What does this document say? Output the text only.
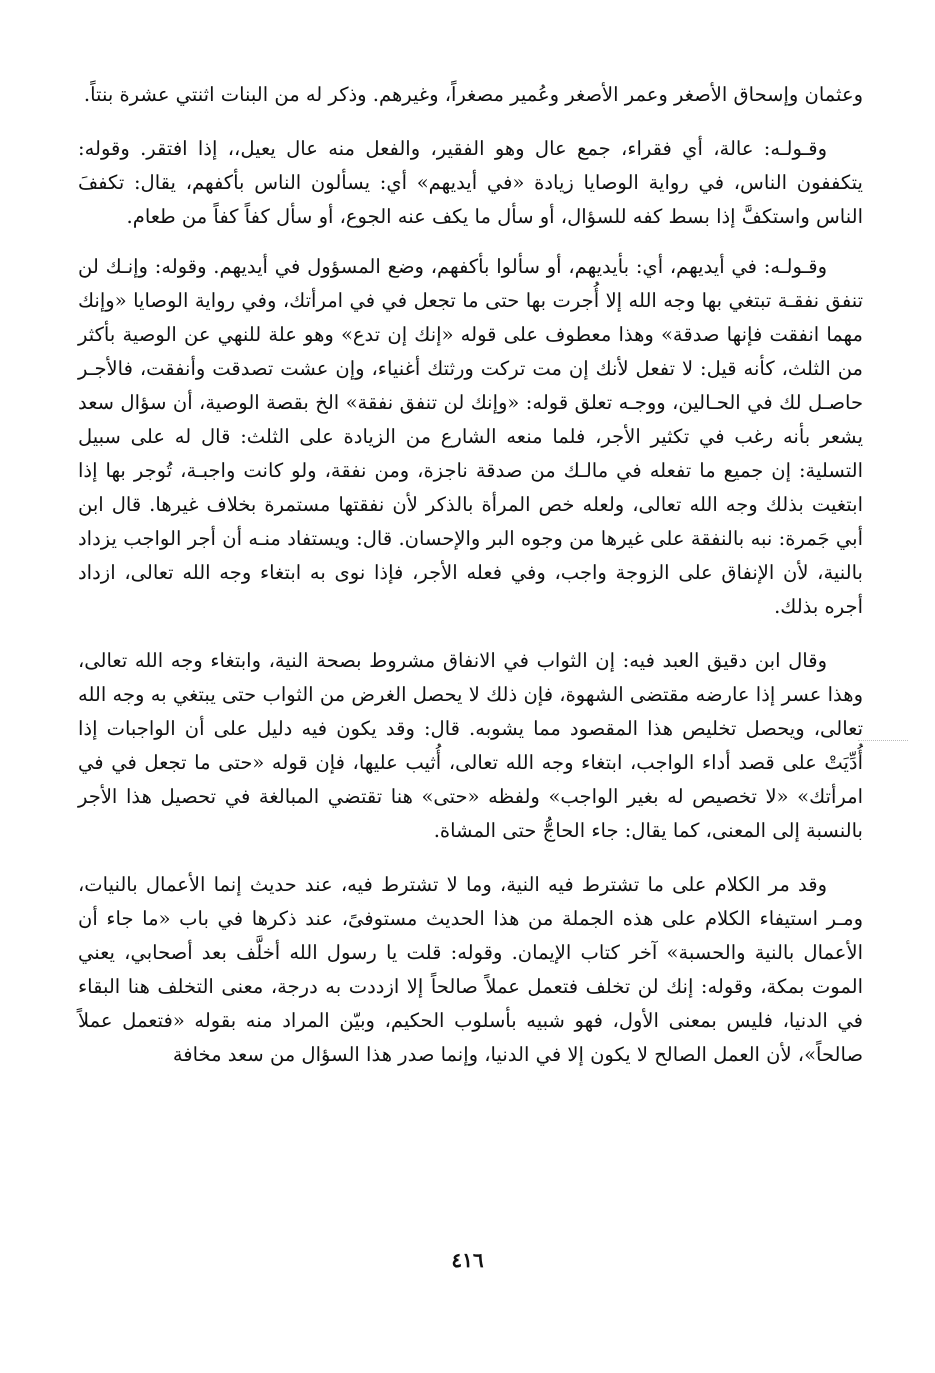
وعثمان وإسحاق الأصغر وعمر الأصغر وعُمير مصغراً، وغيرهم. وذكر له من البنات اثنتي عشرة بنتاً.

وقـولـه: عالة، أي فقراء، جمع عال وهو الفقير، والفعل منه عال يعيل،، إذا افتقر. وقوله: يتكففون الناس، في رواية الوصايا زيادة «في أيديهم» أي: يسألون الناس بأكفهم، يقال: تكففَ الناس واستكفَّ إذا بسط كفه للسؤال، أو سأل ما يكف عنه الجوع، أو سأل كفاً كفاً من طعام.

وقـولـه: في أيديهم، أي: بأيديهم، أو سألوا بأكفهم، وضع المسؤول في أيديهم. وقوله: وإنـك لن تنفق نفقـة تبتغي بها وجه الله إلا أُجرت بها حتى ما تجعل في في امرأتك، وفي رواية الوصايا «وإنك مهما انفقت فإنها صدقة» وهذا معطوف على قوله «إنك إن تدع» وهو علة للنهي عن الوصية بأكثر من الثلث، كأنه قيل: لا تفعل لأنك إن مت تركت ورثتك أغنياء، وإن عشت تصدقت وأنفقت، فالأجـر حاصـل لك في الحـالين، ووجـه تعلق قوله: «وإنك لن تنفق نفقة» الخ بقصة الوصية، أن سؤال سعد يشعر بأنه رغب في تكثير الأجر، فلما منعه الشارع من الزيادة على الثلث: قال له على سبيل التسلية: إن جميع ما تفعله في مالـك من صدقة ناجزة، ومن نفقة، ولو كانت واجبـة، تُوجر بها إذا ابتغيت بذلك وجه الله تعالى، ولعله خص المرأة بالذكر لأن نفقتها مستمرة بخلاف غيرها. قال ابن أبي جَمرة: نبه بالنفقة على غيرها من وجوه البر والإحسان. قال: ويستفاد منـه أن أجر الواجب يزداد بالنية، لأن الإنفاق على الزوجة واجب، وفي فعله الأجر، فإذا نوى به ابتغاء وجه الله تعالى، ازداد أجره بذلك.

وقال ابن دقيق العبد فيه: إن الثواب في الانفاق مشروط بصحة النية، وابتغاء وجه الله تعالى، وهذا عسر إذا عارضه مقتضى الشهوة، فإن ذلك لا يحصل الغرض من الثواب حتى يبتغي به وجه الله تعالى، ويحصل تخليص هذا المقصود مما يشوبه. قال: وقد يكون فيه دليل على أن الواجبات إذا أُدِّيَتْ على قصد أداء الواجب، ابتغاء وجه الله تعالى، أُثيب عليها، فإن قوله «حتى ما تجعل في في امرأتك» «لا تخصيص له بغير الواجب» ولفظه «حتى» هنا تقتضي المبالغة في تحصيل هذا الأجر بالنسبة إلى المعنى، كما يقال: جاء الحاجُّ حتى المشاة.

وقد مر الكلام على ما تشترط فيه النية، وما لا تشترط فيه، عند حديث إنما الأعمال بالنيات، ومـر استيفاء الكلام على هذه الجملة من هذا الحديث مستوفىً، عند ذكرها في باب «ما جاء أن الأعمال بالنية والحسبة» آخر كتاب الإيمان. وقوله: قلت يا رسول الله أخلَّف بعد أصحابي، يعني الموت بمكة، وقوله: إنك لن تخلف فتعمل عملاً صالحاً إلا ازددت به درجة، معنى التخلف هنا البقاء في الدنيا، فليس بمعنى الأول، فهو شبيه بأسلوب الحكيم، وبيّن المراد منه بقوله «فتعمل عملاً صالحاً»، لأن العمل الصالح لا يكون إلا في الدنيا، وإنما صدر هذا السؤال من سعد مخافة

٤١٦
